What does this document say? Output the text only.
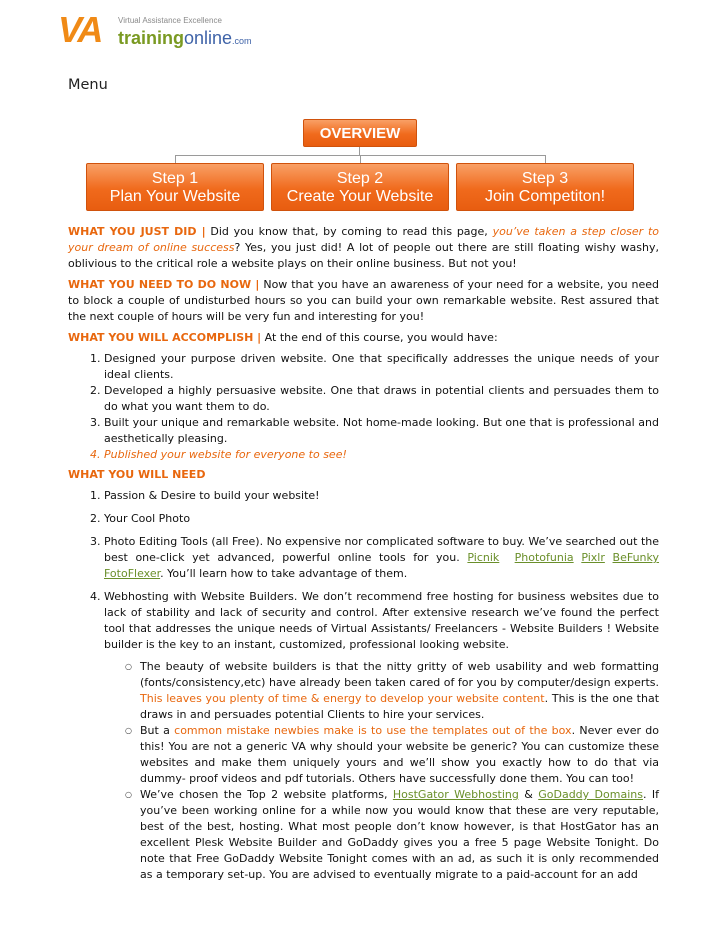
VA Virtual Assistance Excellence
trainingonline.com
Menu
OVERVIEW
Step 1
Plan Your Website
Step 2
Create Your Website
Step 3
Join Competiton!

WHAT YOU JUST DID | Did you know that, by coming to read this page, you’ve taken a step closer to your dream of online success? Yes, you just did! A lot of people out there are still floating wishy washy, oblivious to the critical role a website plays on their online business. But not you!

WHAT YOU NEED TO DO NOW | Now that you have an awareness of your need for a website, you need to block a couple of undisturbed hours so you can build your own remarkable website. Rest assured that the next couple of hours will be very fun and interesting for you!

WHAT YOU WILL ACCOMPLISH | At the end of this course, you would have:

1. Designed your purpose driven website. One that specifically addresses the unique needs of your ideal clients.
2. Developed a highly persuasive website. One that draws in potential clients and persuades them to do what you want them to do.
3. Built your unique and remarkable website. Not home-made looking. But one that is professional and aesthetically pleasing.
4. Published your website for everyone to see!

WHAT YOU WILL NEED

1. Passion & Desire to build your website!
2. Your Cool Photo
3. Photo Editing Tools (all Free). No expensive nor complicated software to buy. We’ve searched out the best one-click yet advanced, powerful online tools for you. Picnik Photofunia Pixlr BeFunky FotoFlexer. You’ll learn how to take advantage of them.
4. Webhosting with Website Builders. We don’t recommend free hosting for business websites due to lack of stability and lack of security and control. After extensive research we’ve found the perfect tool that addresses the unique needs of Virtual Assistants/ Freelancers - Website Builders ! Website builder is the key to an instant, customized, professional looking website.
○ The beauty of website builders is that the nitty gritty of web usability and web formatting (fonts/consistency,etc) have already been taken cared of for you by computer/design experts. This leaves you plenty of time & energy to develop your website content. This is the one that draws in and persuades potential Clients to hire your services.
○ But a common mistake newbies make is to use the templates out of the box. Never ever do this! You are not a generic VA why should your website be generic? You can customize these websites and make them uniquely yours and we’ll show you exactly how to do that via dummy- proof videos and pdf tutorials. Others have successfully done them. You can too!
○ We’ve chosen the Top 2 website platforms, HostGator Webhosting & GoDaddy Domains. If you’ve been working online for a while now you would know that these are very reputable, best of the best, hosting. What most people don’t know however, is that HostGator has an excellent Plesk Website Builder and GoDaddy gives you a free 5 page Website Tonight. Do note that Free GoDaddy Website Tonight comes with an ad, as such it is only recommended as a temporary set-up. You are advised to eventually migrate to a paid-account for an add
